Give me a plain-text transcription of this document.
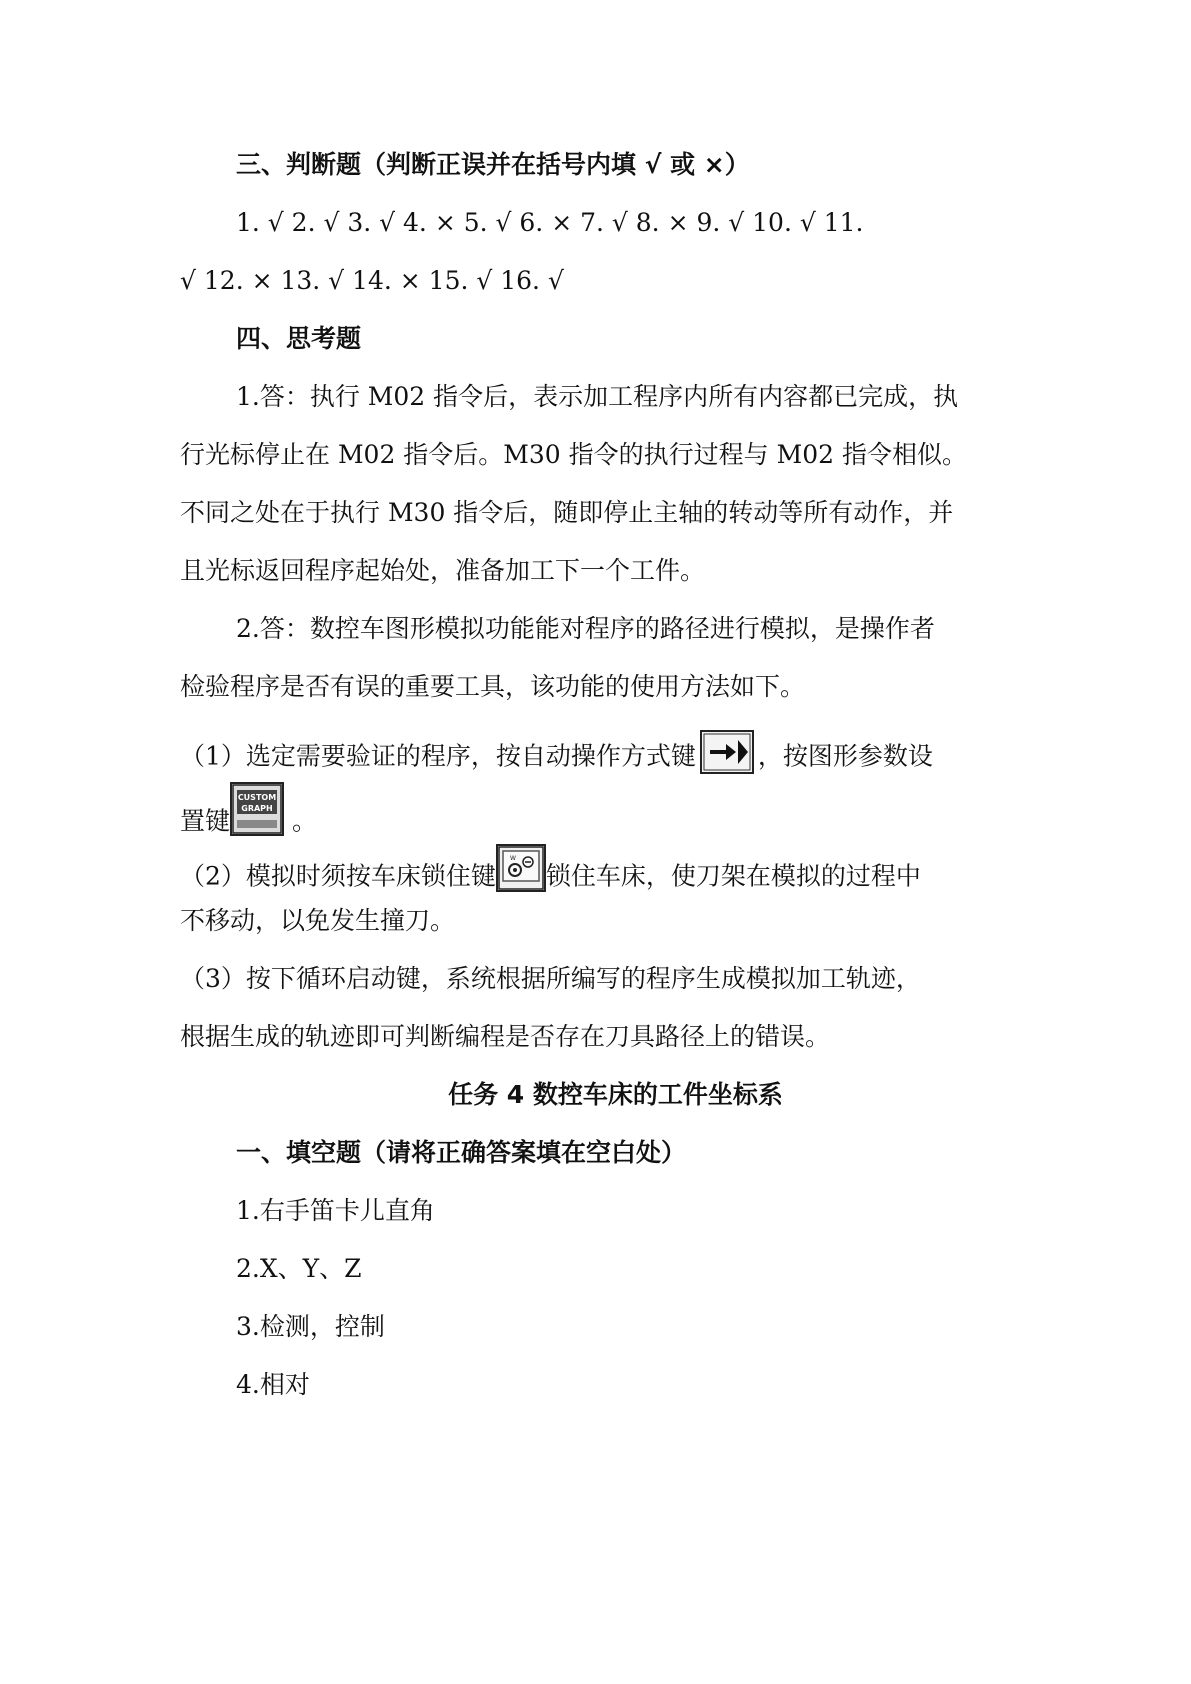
三、判断题（判断正误并在括号内填 √ 或 ×）
1. √ 2. √ 3. √ 4. × 5. √ 6. × 7. √ 8. × 9. √ 10. √ 11.
√ 12. × 13. √ 14. × 15. √ 16. √
四、思考题
1.答：执行 M02 指令后，表示加工程序内所有内容都已完成，执
行光标停止在 M02 指令后。M30 指令的执行过程与 M02 指令相似。
不同之处在于执行 M30 指令后，随即停止主轴的转动等所有动作，并
且光标返回程序起始处，准备加工下一个工件。
2.答：数控车图形模拟功能能对程序的路径进行模拟，是操作者
检验程序是否有误的重要工具，该功能的使用方法如下。
（1）选定需要验证的程序，按自动操作方式键 ，按图形参数设
置键
CUSTOM
GRAPH 。
（2）模拟时须按车床锁住键
W
锁住车床，使刀架在模拟的过程中
不移动，以免发生撞刀。
（3）按下循环启动键，系统根据所编写的程序生成模拟加工轨迹，
根据生成的轨迹即可判断编程是否存在刀具路径上的错误。
任务 4 数控车床的工件坐标系
一、填空题（请将正确答案填在空白处）
1.右手笛卡儿直角
2.X、Y、Z
3.检测，控制
4.相对
